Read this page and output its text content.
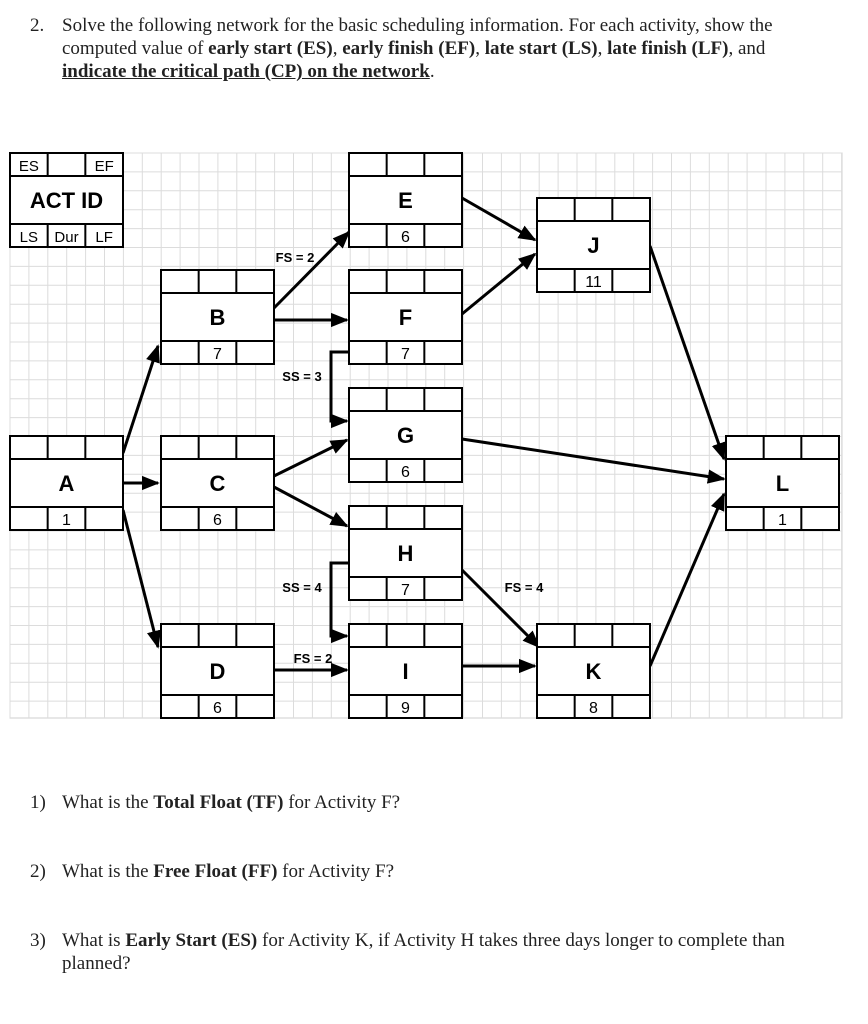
2. Solve the following network for the basic scheduling information. For each activity, show the computed value of early start (ES), early finish (EF), late start (LS), late finish (LF), and indicate the critical path (CP) on the network.
A
1
B
7
C
6
D
6
E
6
F
7
G
6
H
7
I
9
J
11
K
8
L
1
ES	EF
ACT ID
LS Dur LF
FS = 2
SS = 3
SS = 4
FS = 2
FS = 4
1) What is the Total Float (TF) for Activity F?
2) What is the Free Float (FF) for Activity F?
3) What is Early Start (ES) for Activity K, if Activity H takes three days longer to complete than planned?
